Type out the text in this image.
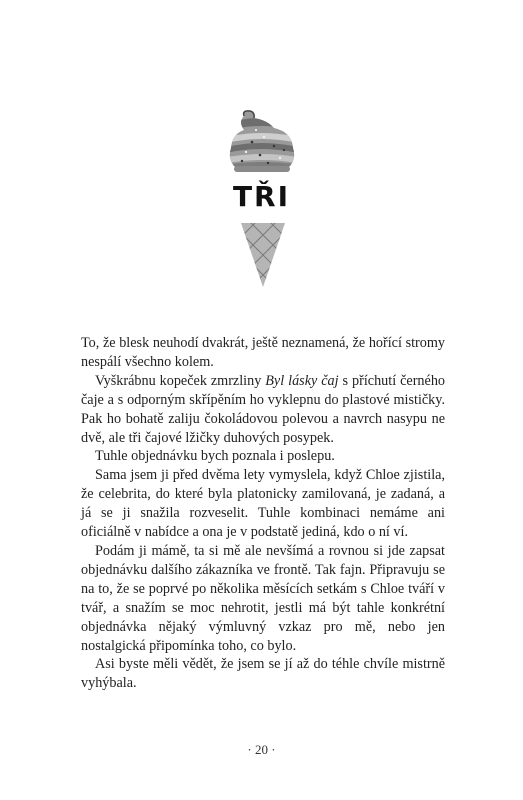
TŘI

To, že blesk neuhodí dvakrát, ještě neznamená, že hořící stromy nespálí všechno kolem.

Vyškrábnu kopeček zmrzliny Byl lásky čaj s příchutí černého čaje a s odporným skřípěním ho vyklepnu do plastové mističky. Pak ho bohatě zaliju čokoládovou polevou a navrch nasypu ne dvě, ale tři čajové lžičky duhových posypek.

Tuhle objednávku bych poznala i poslepu.

Sama jsem ji před dvěma lety vymyslela, když Chloe zjistila, že celebrita, do které byla platonicky zamilovaná, je zadaná, a já se ji snažila rozveselit. Tuhle kombinaci nemáme ani oficiálně v nabídce a ona je v podstatě jediná, kdo o ní ví.

Podám ji mámě, ta si mě ale nevšímá a rovnou si jde zapsat objednávku dalšího zákazníka ve frontě. Tak fajn. Připravuju se na to, že se poprvé po několika měsících setkám s Chloe tváří v tvář, a snažím se moc nehrotit, jestli má být tahle konkrétní objednávka nějaký výmluvný vzkaz pro mě, nebo jen nostalgická připomínka toho, co bylo.

Asi byste měli vědět, že jsem se jí až do téhle chvíle mistrně vyhýbala.

· 20 ·
